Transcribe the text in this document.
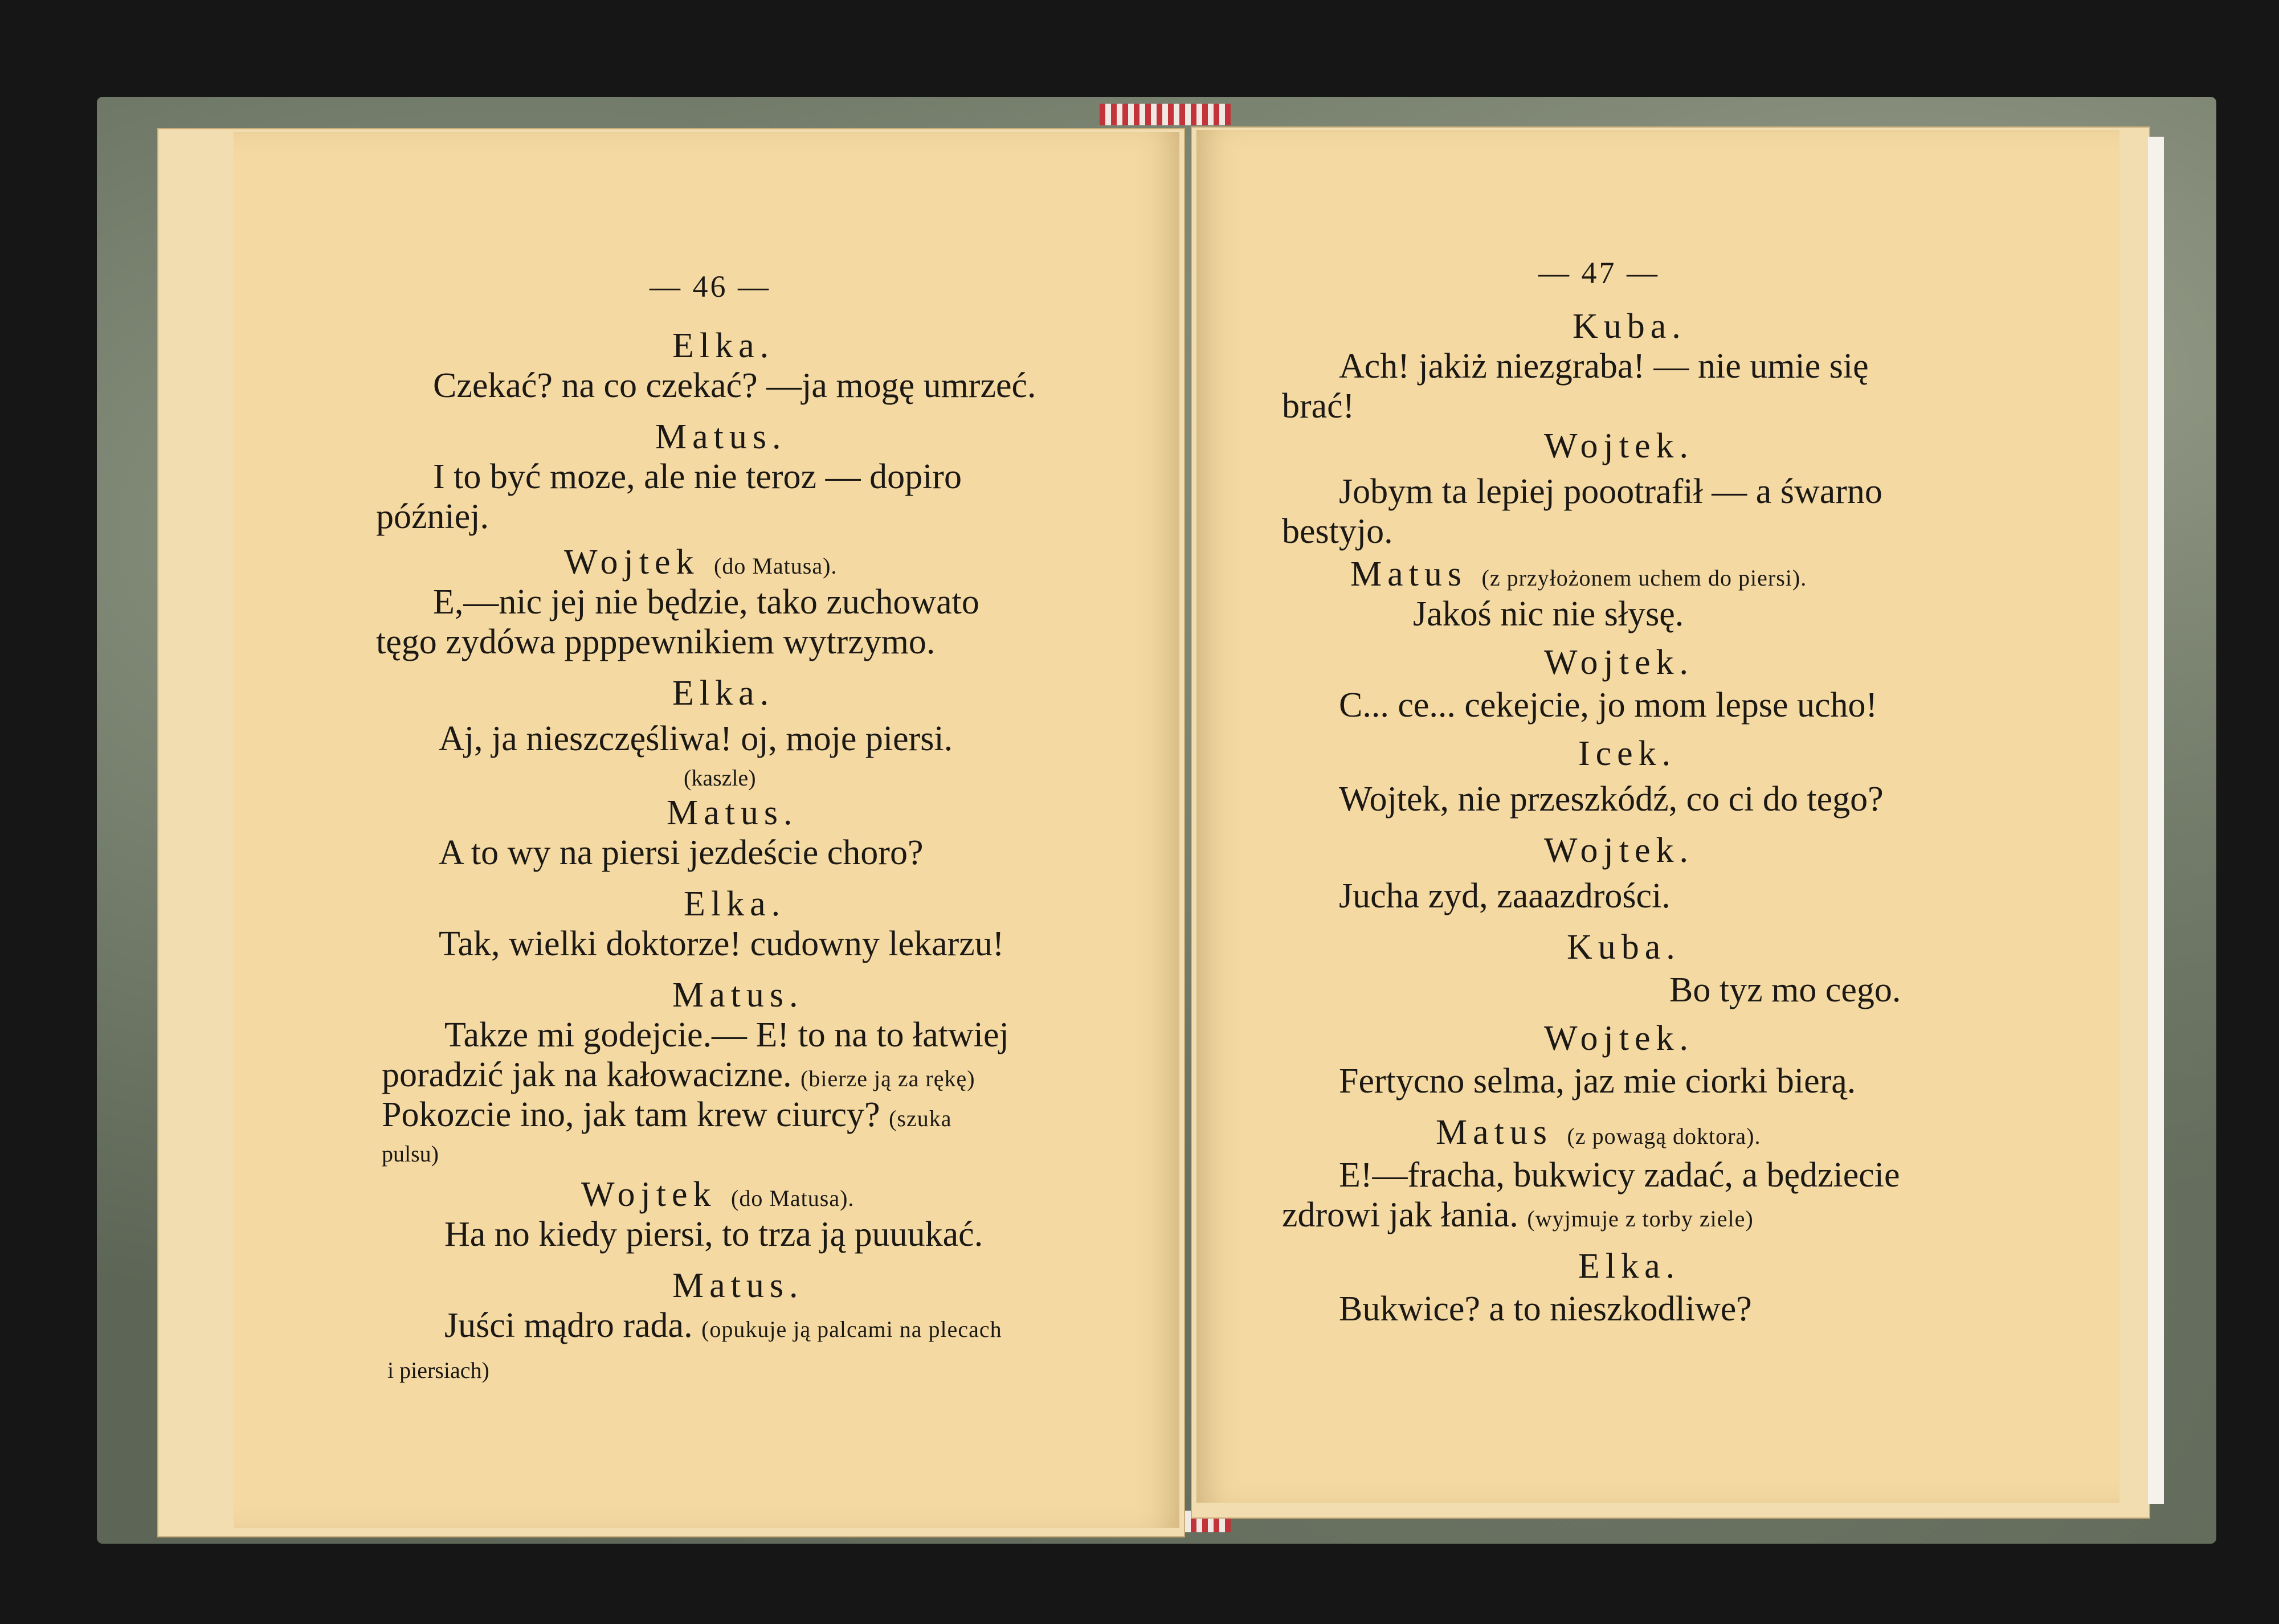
— 46 —
Elka.
Czekać? na co czekać? —ja mogę umrzeć.
Matus.
I to być moze, ale nie teroz — dopiro
później.
Wojtek (do Matusa).
E,—nic jej nie będzie, tako zuchowato
tęgo zydówa ppppewnikiem wytrzymo.
Elka.
Aj, ja nieszczęśliwa! oj, moje piersi.
(kaszle)
Matus.
A to wy na piersi jezdeście choro?
Elka.
Tak, wielki doktorze! cudowny lekarzu!
Matus.
Takze mi godejcie.— E! to na to łatwiej
poradzić jak na kałowacizne. (bierze ją za rękę)
Pokozcie ino, jak tam krew ciurcy? (szuka
pulsu)
Wojtek (do Matusa).
Ha no kiedy piersi, to trza ją puuukać.
Matus.
Juści mądro rada. (opukuje ją palcami na plecach
i piersiach)
— 47 —
Kuba.
Ach! jakiż niezgraba! — nie umie się
brać!
Wojtek.
Jobym ta lepiej poootrafił — a śwarno
bestyjo.
Matus (z przyłożonem uchem do piersi).
Jakoś nic nie słysę.
Wojtek.
C... ce... cekejcie, jo mom lepse ucho!
Icek.
Wojtek, nie przeszkódź, co ci do tego?
Wojtek.
Jucha zyd, zaaazdrości.
Kuba.
Bo tyz mo cego.
Wojtek.
Fertycno selma, jaz mie ciorki bierą.
Matus (z powagą doktora).
E!—fracha, bukwicy zadać, a będziecie
zdrowi jak łania. (wyjmuje z torby ziele)
Elka.
Bukwice? a to nieszkodliwe?
